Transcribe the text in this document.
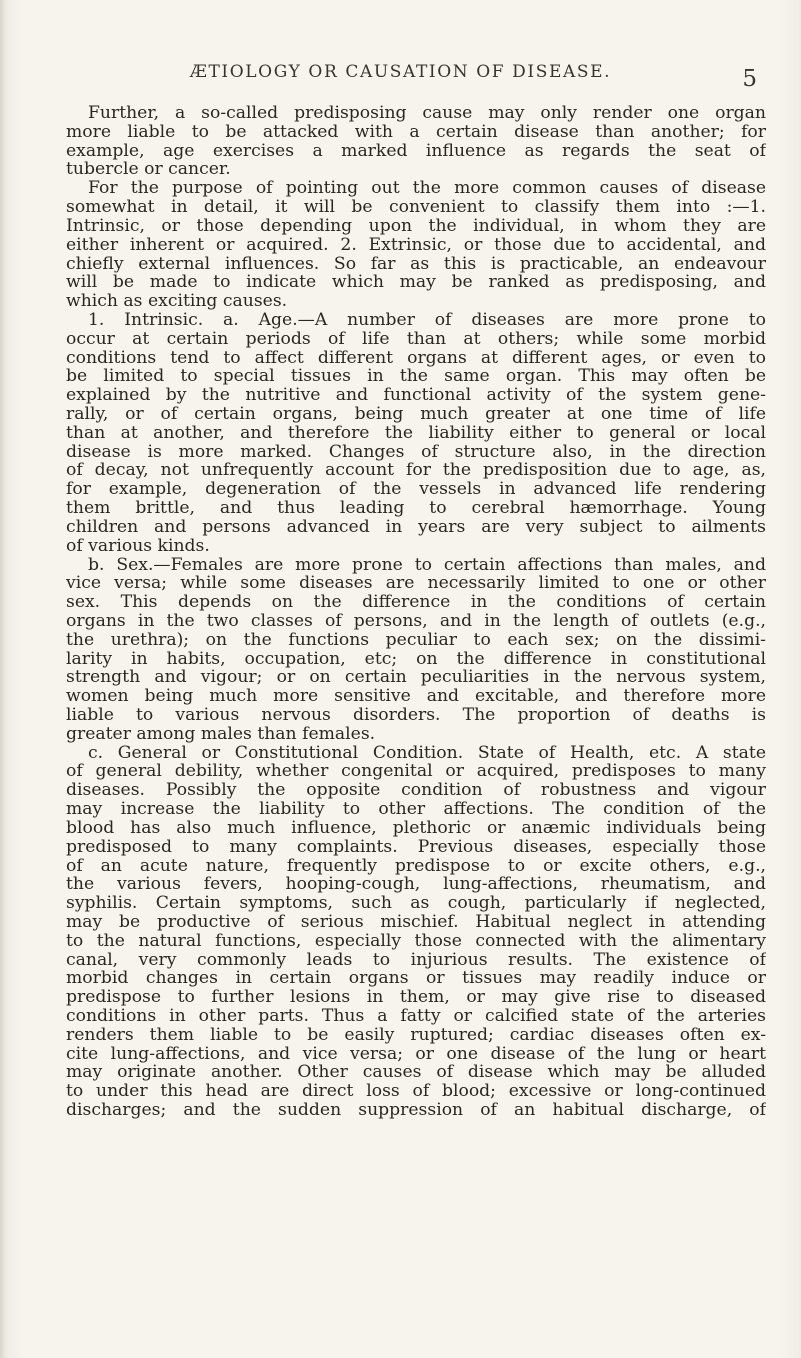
ÆTIOLOGY OR CAUSATION OF DISEASE.	5
Further, a so-called predisposing cause may only render one organ
more liable to be attacked with a certain disease than another; for
example, age exercises a marked influence as regards the seat of
tubercle or cancer.
For the purpose of pointing out the more common causes of disease
somewhat in detail, it will be convenient to classify them into :—1.
Intrinsic, or those depending upon the individual, in whom they are
either inherent or acquired. 2. Extrinsic, or those due to accidental, and
chiefly external influences. So far as this is practicable, an endeavour
will be made to indicate which may be ranked as predisposing, and
which as exciting causes.
1. Intrinsic. a. Age.—A number of diseases are more prone to
occur at certain periods of life than at others; while some morbid
conditions tend to affect different organs at different ages, or even to
be limited to special tissues in the same organ. This may often be
explained by the nutritive and functional activity of the system gene-
rally, or of certain organs, being much greater at one time of life
than at another, and therefore the liability either to general or local
disease is more marked. Changes of structure also, in the direction
of decay, not unfrequently account for the predisposition due to age, as,
for example, degeneration of the vessels in advanced life rendering
them brittle, and thus leading to cerebral hæmorrhage. Young
children and persons advanced in years are very subject to ailments
of various kinds.
b. Sex.—Females are more prone to certain affections than males, and
vice versa; while some diseases are necessarily limited to one or other
sex. This depends on the difference in the conditions of certain
organs in the two classes of persons, and in the length of outlets (e.g.,
the urethra); on the functions peculiar to each sex; on the dissimi-
larity in habits, occupation, etc; on the difference in constitutional
strength and vigour; or on certain peculiarities in the nervous system,
women being much more sensitive and excitable, and therefore more
liable to various nervous disorders. The proportion of deaths is
greater among males than females.
c. General or Constitutional Condition. State of Health, etc. A state
of general debility, whether congenital or acquired, predisposes to many
diseases. Possibly the opposite condition of robustness and vigour
may increase the liability to other affections. The condition of the
blood has also much influence, plethoric or anæmic individuals being
predisposed to many complaints. Previous diseases, especially those
of an acute nature, frequently predispose to or excite others, e.g.,
the various fevers, hooping-cough, lung-affections, rheumatism, and
syphilis. Certain symptoms, such as cough, particularly if neglected,
may be productive of serious mischief. Habitual neglect in attending
to the natural functions, especially those connected with the alimentary
canal, very commonly leads to injurious results. The existence of
morbid changes in certain organs or tissues may readily induce or
predispose to further lesions in them, or may give rise to diseased
conditions in other parts. Thus a fatty or calcified state of the arteries
renders them liable to be easily ruptured; cardiac diseases often ex-
cite lung-affections, and vice versa; or one disease of the lung or heart
may originate another. Other causes of disease which may be alluded
to under this head are direct loss of blood; excessive or long-continued
discharges; and the sudden suppression of an habitual discharge, of
